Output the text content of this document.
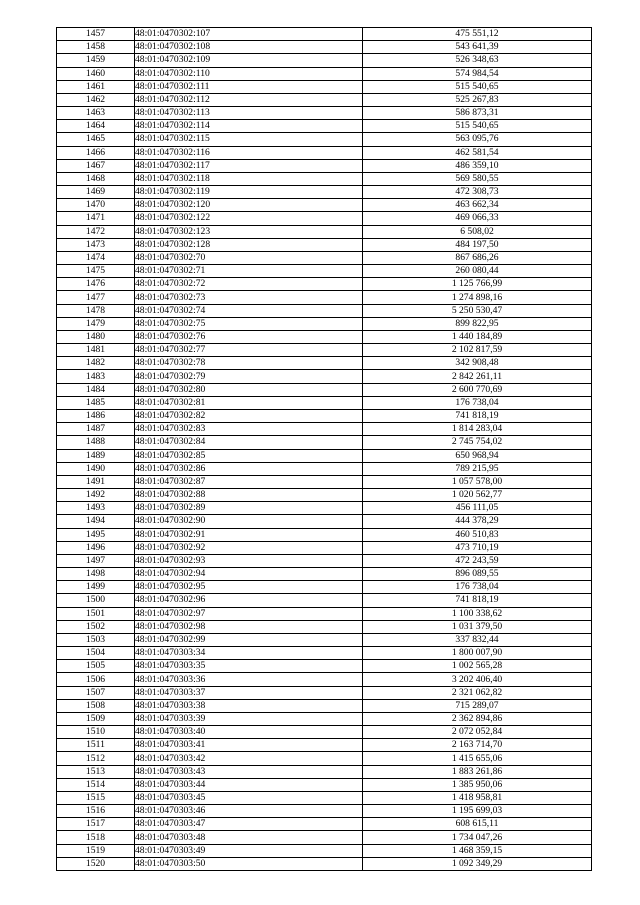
1457	48:01:0470302:107	475 551,12
1458	48:01:0470302:108	543 641,39
1459	48:01:0470302:109	526 348,63
1460	48:01:0470302:110	574 984,54
1461	48:01:0470302:111	515 540,65
1462	48:01:0470302:112	525 267,83
1463	48:01:0470302:113	586 873,31
1464	48:01:0470302:114	515 540,65
1465	48:01:0470302:115	563 095,76
1466	48:01:0470302:116	462 581,54
1467	48:01:0470302:117	486 359,10
1468	48:01:0470302:118	569 580,55
1469	48:01:0470302:119	472 308,73
1470	48:01:0470302:120	463 662,34
1471	48:01:0470302:122	469 066,33
1472	48:01:0470302:123	6 508,02
1473	48:01:0470302:128	484 197,50
1474	48:01:0470302:70	867 686,26
1475	48:01:0470302:71	260 080,44
1476	48:01:0470302:72	1 125 766,99
1477	48:01:0470302:73	1 274 898,16
1478	48:01:0470302:74	5 250 530,47
1479	48:01:0470302:75	899 822,95
1480	48:01:0470302:76	1 440 184,89
1481	48:01:0470302:77	2 102 817,59
1482	48:01:0470302:78	342 908,48
1483	48:01:0470302:79	2 842 261,11
1484	48:01:0470302:80	2 600 770,69
1485	48:01:0470302:81	176 738,04
1486	48:01:0470302:82	741 818,19
1487	48:01:0470302:83	1 814 283,04
1488	48:01:0470302:84	2 745 754,02
1489	48:01:0470302:85	650 968,94
1490	48:01:0470302:86	789 215,95
1491	48:01:0470302:87	1 057 578,00
1492	48:01:0470302:88	1 020 562,77
1493	48:01:0470302:89	456 111,05
1494	48:01:0470302:90	444 378,29
1495	48:01:0470302:91	460 510,83
1496	48:01:0470302:92	473 710,19
1497	48:01:0470302:93	472 243,59
1498	48:01:0470302:94	896 089,55
1499	48:01:0470302:95	176 738,04
1500	48:01:0470302:96	741 818,19
1501	48:01:0470302:97	1 100 338,62
1502	48:01:0470302:98	1 031 379,50
1503	48:01:0470302:99	337 832,44
1504	48:01:0470303:34	1 800 007,90
1505	48:01:0470303:35	1 002 565,28
1506	48:01:0470303:36	3 202 406,40
1507	48:01:0470303:37	2 321 062,82
1508	48:01:0470303:38	715 289,07
1509	48:01:0470303:39	2 362 894,86
1510	48:01:0470303:40	2 072 052,84
1511	48:01:0470303:41	2 163 714,70
1512	48:01:0470303:42	1 415 655,06
1513	48:01:0470303:43	1 883 261,86
1514	48:01:0470303:44	1 385 950,06
1515	48:01:0470303:45	1 418 958,81
1516	48:01:0470303:46	1 195 699,03
1517	48:01:0470303:47	608 615,11
1518	48:01:0470303:48	1 734 047,26
1519	48:01:0470303:49	1 468 359,15
1520	48:01:0470303:50	1 092 349,29
